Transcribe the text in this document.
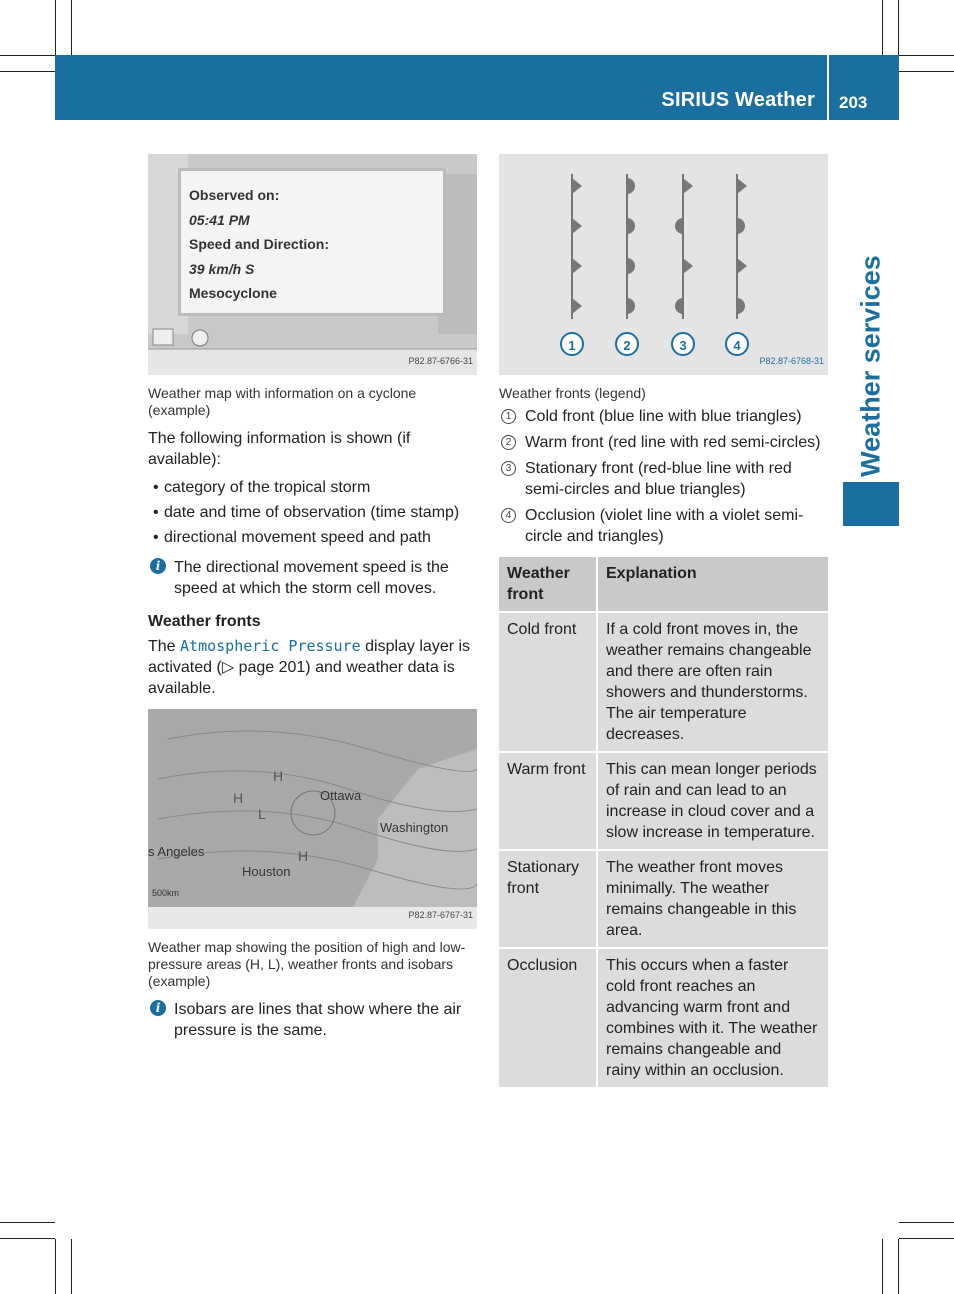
SIRIUS Weather 203
Weather services
Observed on:
05:41 PM
Speed and Direction:
39 km/h S
Mesocyclone
P82.87-6766-31
Weather map with information on a cyclone (example)

The following information is shown (if available):

• category of the tropical storm
• date and time of observation (time stamp)
• directional movement speed and path
i The directional movement speed is the speed at which the storm cell moves.
Weather fronts

The Atmospheric Pressure display layer is activated (▷ page 201) and weather data is available.

H
H
H
L
Ottawa
Washington
s Angeles
Houston
500km
P82.87-6767-31
Weather map showing the position of high and low-pressure areas (H, L), weather fronts and isobars (example)
i Isobars are lines that show where the air pressure is the same.
1	2	3	4
P82.87-6768-31
Weather fronts (legend)
1 Cold front (blue line with blue triangles)
2 Warm front (red line with red semi-circles)
3 Stationary front (red-blue line with red semi-circles and blue triangles)
4 Occlusion (violet line with a violet semi-circle and triangles)
Weather front	Explanation
Cold front	If a cold front moves in, the weather remains changeable and there are often rain showers and thunderstorms. The air temperature decreases.
Warm front	This can mean longer periods of rain and can lead to an increase in cloud cover and a slow increase in temperature.
Stationary front	The weather front moves minimally. The weather remains changeable in this area.
Occlusion	This occurs when a faster cold front reaches an advancing warm front and combines with it. The weather remains changeable and rainy within an occlusion.
